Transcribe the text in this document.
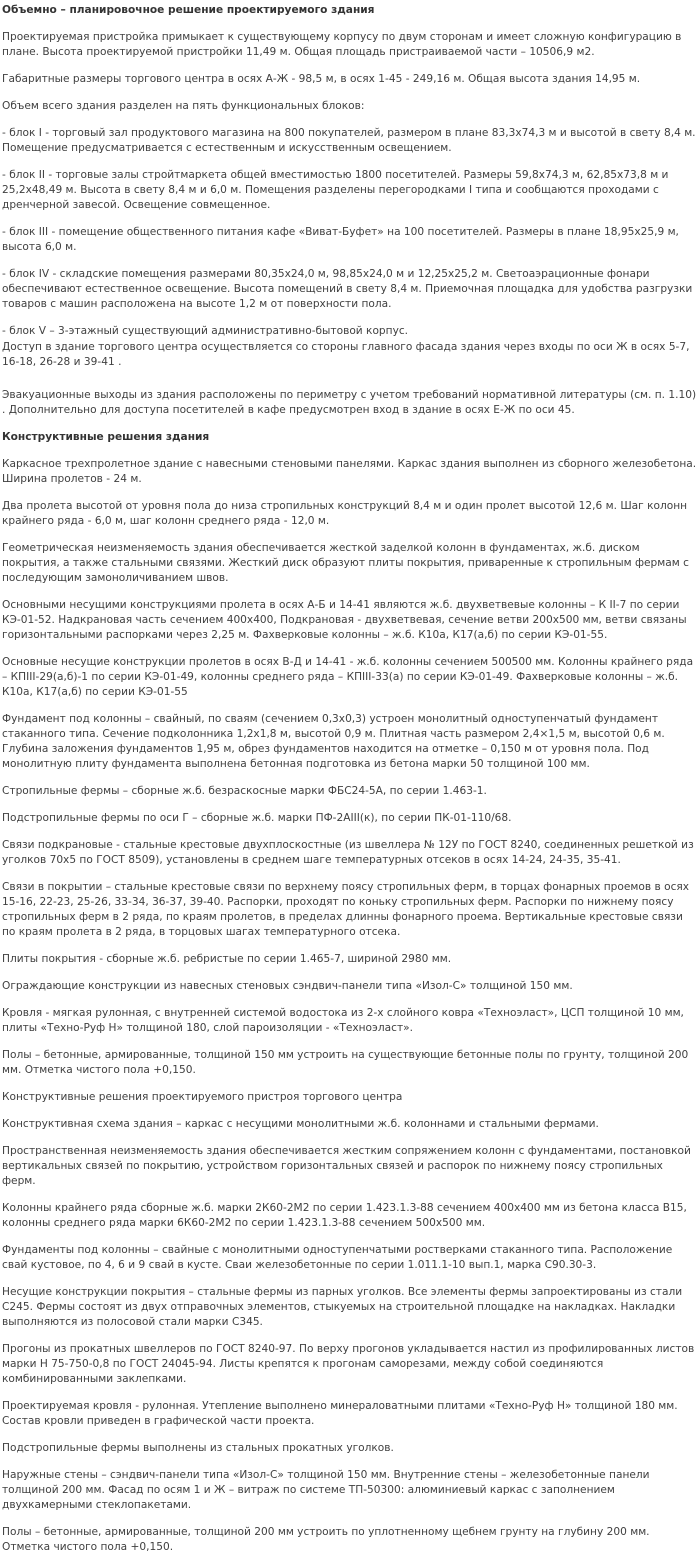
Объемно – планировочное решение проектируемого здания
Проектируемая пристройка примыкает к существующему корпусу по двум сторонам и имеет сложную конфигурацию в плане. Высота проектируемой пристройки 11,49 м. Общая площадь пристраиваемой части – 10506,9 м2.
Габаритные размеры торгового центра в осях А-Ж - 98,5 м, в осях 1-45 - 249,16 м. Общая высота здания 14,95 м.
Объем всего здания разделен на пять функциональных блоков:
- блок I - торговый зал продуктового магазина на 800 покупателей, размером в плане 83,3х74,3 м и высотой в свету 8,4 м. Помещение предусматривается с естественным и искусственным освещением.
- блок II - торговые залы стройтмаркета общей вместимостью 1800 посетителей. Размеры 59,8х74,3 м, 62,85х73,8 м и 25,2х48,49 м. Высота в свету 8,4 м и 6,0 м. Помещения разделены перегородками I типа и сообщаются проходами с дренчерной завесой. Освещение совмещенное.
- блок III - помещение общественного питания кафе «Виват-Буфет» на 100 посетителей. Размеры в плане 18,95х25,9 м, высота 6,0 м.
- блок IV - складские помещения размерами 80,35х24,0 м, 98,85х24,0 м и 12,25х25,2 м. Светоаэрационные фонари обеспечивают естественное освещение. Высота помещений в свету 8,4 м. Приемочная площадка для удобства разгрузки товаров с машин расположена на высоте 1,2 м от поверхности пола.
- блок V – 3-этажный существующий административно-бытовой корпус.
Доступ в здание торгового центра осуществляется со стороны главного фасада здания через входы по оси Ж в осях 5-7, 16-18, 26-28 и 39-41 .
Эвакуационные выходы из здания расположены по периметру с учетом требований нормативной литературы (см. п. 1.10) . Дополнительно для доступа посетителей в кафе предусмотрен вход в здание в осях Е-Ж по оси 45.
Конструктивные решения здания
Каркасное трехпролетное здание с навесными стеновыми панелями. Каркас здания выполнен из сборного железобетона. Ширина пролетов - 24 м.
Два пролета высотой от уровня пола до низа стропильных конструкций 8,4 м и один пролет высотой 12,6 м. Шаг колонн крайнего ряда - 6,0 м, шаг колонн среднего ряда - 12,0 м.
Геометрическая неизменяемость здания обеспечивается жесткой заделкой колонн в фундаментах, ж.б. диском покрытия, а также стальными связями. Жесткий диск образуют плиты покрытия, приваренные к стропильным фермам с последующим замоноличиванием швов.
Основными несущими конструкциями пролета в осях А-Б и 14-41 являются ж.б. двухветвевые колонны – К II-7 по серии КЭ-01-52. Надкрановая часть сечением 400х400, Подкрановая - двухветвевая, сечение ветви 200х500 мм, ветви связаны горизонтальными распорками через 2,25 м. Фахверковые колонны – ж.б. К10а, К17(а,б) по серии КЭ-01-55.
Основные несущие конструкции пролетов в осях В-Д и 14-41 - ж.б. колонны сечением 500500 мм. Колонны крайнего ряда – КПIII-29(а,б)-1 по серии КЭ-01-49, колонны среднего ряда – КПIII-33(а) по серии КЭ-01-49. Фахверковые колонны – ж.б. К10а, К17(а,б) по серии КЭ-01-55
Фундамент под колонны – свайный, по сваям (сечением 0,3х0,3) устроен монолитный одноступенчатый фундамент стаканного типа. Сечение подколонника 1,2х1,8 м, высотой 0,9 м. Плитная часть размером 2,4×1,5 м, высотой 0,6 м. Глубина заложения фундаментов 1,95 м, обрез фундаментов находится на отметке – 0,150 м от уровня пола. Под монолитную плиту фундамента выполнена бетонная подготовка из бетона марки 50 толщиной 100 мм.
Стропильные фермы – сборные ж.б. безраскосные марки ФБС24-5А, по серии 1.463-1.
Подстропильные фермы по оси Г – сборные ж.б. марки ПФ-2АIII(к), по серии ПК-01-110/68.
Связи подкрановые - стальные крестовые двухплоскостные (из швеллера № 12У по ГОСТ 8240, соединенных решеткой из уголков 70х5 по ГОСТ 8509), установлены в среднем шаге температурных отсеков в осях 14-24, 24-35, 35-41.
Связи в покрытии – стальные крестовые связи по верхнему поясу стропильных ферм, в торцах фонарных проемов в осях 15-16, 22-23, 25-26, 33-34, 36-37, 39-40. Распорки, проходят по коньку стропильных ферм. Распорки по нижнему поясу стропильных ферм в 2 ряда, по краям пролетов, в пределах длинны фонарного проема. Вертикальные крестовые связи по краям пролета в 2 ряда, в торцовых шагах температурного отсека.
Плиты покрытия - сборные ж.б. ребристые по серии 1.465-7, шириной 2980 мм.
Ограждающие конструкции из навесных стеновых сэндвич-панели типа «Изол-С» толщиной 150 мм.
Кровля - мягкая рулонная, с внутренней системой водостока из 2-х слойного ковра «Техноэласт», ЦСП толщиной 10 мм, плиты «Техно-Руф Н» толщиной 180, слой пароизоляции - «Техноэласт».
Полы – бетонные, армированные, толщиной 150 мм устроить на существующие бетонные полы по грунту, толщиной 200 мм. Отметка чистого пола +0,150.
Конструктивные решения проектируемого пристроя торгового центра
Конструктивная схема здания – каркас с несущими монолитными ж.б. колоннами и стальными фермами.
Пространственная неизменяемость здания обеспечивается жестким сопряжением колонн с фундаментами, постановкой вертикальных связей по покрытию, устройством горизонтальных связей и распорок по нижнему поясу стропильных ферм.
Колонны крайнего ряда сборные ж.б. марки 2К60-2М2 по серии 1.423.1.3-88 сечением 400х400 мм из бетона класса В15, колонны среднего ряда марки 6К60-2М2 по серии 1.423.1.3-88 сечением 500х500 мм.
Фундаменты под колонны – свайные с монолитными одноступенчатыми ростверками стаканного типа. Расположение свай кустовое, по 4, 6 и 9 свай в кусте. Сваи железобетонные по серии 1.011.1-10 вып.1, марка С90.30-3.
Несущие конструкции покрытия – стальные фермы из парных уголков. Все элементы фермы запроектированы из стали С245. Фермы состоят из двух отправочных элементов, стыкуемых на строительной площадке на накладках. Накладки выполняются из полосовой стали марки С345.
Прогоны из прокатных швеллеров по ГОСТ 8240-97. По верху прогонов укладывается настил из профилированных листов марки Н 75-750-0,8 по ГОСТ 24045-94. Листы крепятся к прогонам саморезами, между собой соединяются комбинированными заклепками.
Проектируемая кровля - рулонная. Утепление выполнено минераловатными плитами «Техно-Руф Н» толщиной 180 мм. Состав кровли приведен в графической части проекта.
Подстропильные фермы выполнены из стальных прокатных уголков.
Наружные стены – сэндвич-панели типа «Изол-С» толщиной 150 мм. Внутренние стены – железобетонные панели толщиной 200 мм. Фасад по осям 1 и Ж – витраж по системе ТП-50300: алюминиевый каркас с заполнением двухкамерными стеклопакетами.
Полы – бетонные, армированные, толщиной 200 мм устроить по уплотненному щебнем грунту на глубину 200 мм. Отметка чистого пола +0,150.
